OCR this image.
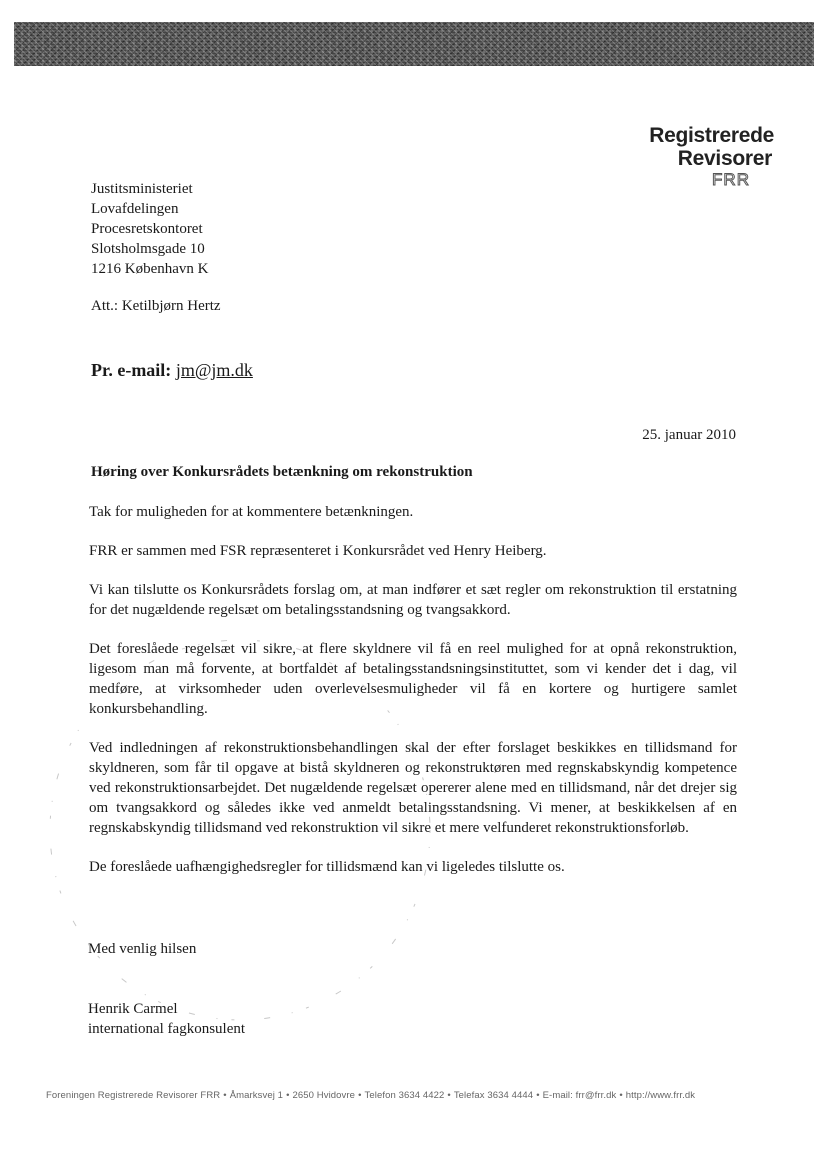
Registrerede
Revisorer
FRR
Justitsministeriet
Lovafdelingen
Procesretskontoret
Slotsholmsgade 10
1216 København K
Att.: Ketilbjørn Hertz
Pr. e-mail: jm@jm.dk
25. januar 2010
Høring over Konkursrådets betænkning om rekonstruktion

Tak for muligheden for at kommentere betænkningen.

FRR er sammen med FSR repræsenteret i Konkursrådet ved Henry Heiberg.

Vi kan tilslutte os Konkursrådets forslag om, at man indfører et sæt regler om rekonstruktion til erstatning for det nugældende regelsæt om betalingsstandsning og tvangsakkord.

Det foreslåede regelsæt vil sikre, at flere skyldnere vil få en reel mulighed for at opnå rekonstruktion, ligesom man må forvente, at bortfaldet af betalingsstandsningsinstituttet, som vi kender det i dag, vil medføre, at virksomheder uden overlevelsesmuligheder vil få en kortere og hurtigere samlet konkursbehandling.

Ved indledningen af rekonstruktionsbehandlingen skal der efter forslaget beskikkes en tillidsmand for skyldneren, som får til opgave at bistå skyldneren og rekonstruktøren med regnskabskyndig kompetence ved rekonstruktionsarbejdet. Det nugældende regelsæt opererer alene med en tillidsmand, når det drejer sig om tvangsakkord og således ikke ved anmeldt betalingsstandsning. Vi mener, at beskikkelsen af en regnskabskyndig tillidsmand ved rekonstruktion vil sikre et mere velfunderet rekonstruktionsforløb.

De foreslåede uafhængighedsregler for tillidsmænd kan vi ligeledes tilslutte os.

Med venlig hilsen
Henrik Carmel
international fagkonsulent
Foreningen Registrerede Revisorer FRR • Åmarksvej 1 • 2650 Hvidovre • Telefon 3634 4422 • Telefax 3634 4444 • E-mail: frr@frr.dk • http://www.frr.dk
